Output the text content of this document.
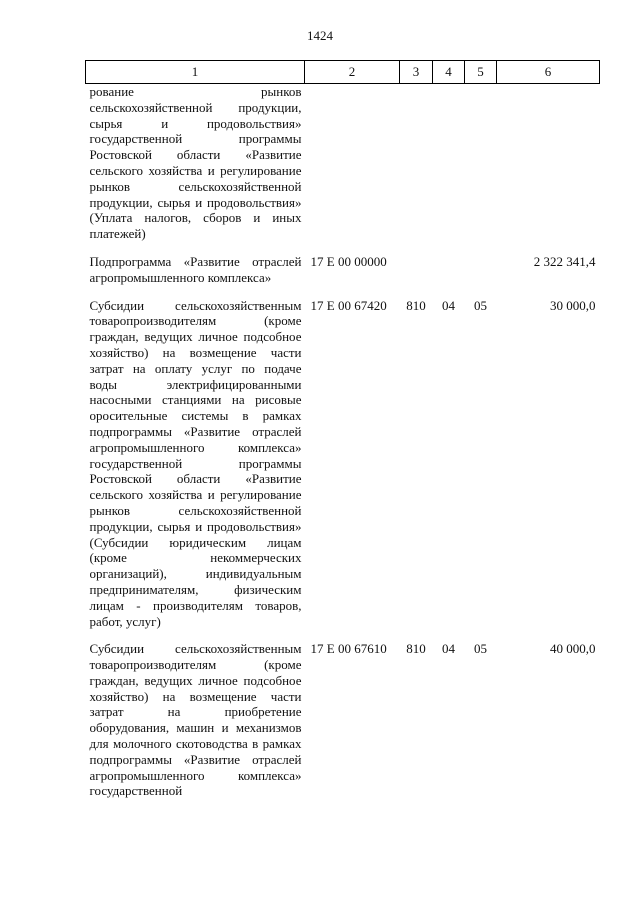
1424
1	2	3	4	5	6
рование рынков сельскохозяйственной продукции, сырья и продовольствия» государственной программы Ростовской области «Развитие сельского хозяйства и регулирование рынков сельскохозяйственной продукции, сырья и продовольствия» (Уплата налогов, сборов и иных платежей)					
Подпрограмма «Развитие отраслей агропромышленного комплекса»	17 Е 00 00000				2 322 341,4
Субсидии сельскохозяйственным товаропроизводителям (кроме граждан, ведущих личное подсобное хозяйство) на возмещение части затрат на оплату услуг по подаче воды электрифицированными насосными станциями на рисовые оросительные системы в рамках подпрограммы «Развитие отраслей агропромышленного комплекса» государственной программы Ростовской области «Развитие сельского хозяйства и регулирование рынков сельскохозяйственной продукции, сырья и продовольствия» (Субсидии юридическим лицам (кроме некоммерческих организаций), индивидуальным предпринимателям, физическим лицам - производителям товаров, работ, услуг)	17 Е 00 67420	810	04	05	30 000,0
Субсидии сельскохозяйственным товаропроизводителям (кроме граждан, ведущих личное подсобное хозяйство) на возмещение части затрат на приобретение оборудования, машин и механизмов для молочного скотоводства в рамках подпрограммы «Развитие отраслей агропромышленного комплекса» государственной	17 Е 00 67610	810	04	05	40 000,0
